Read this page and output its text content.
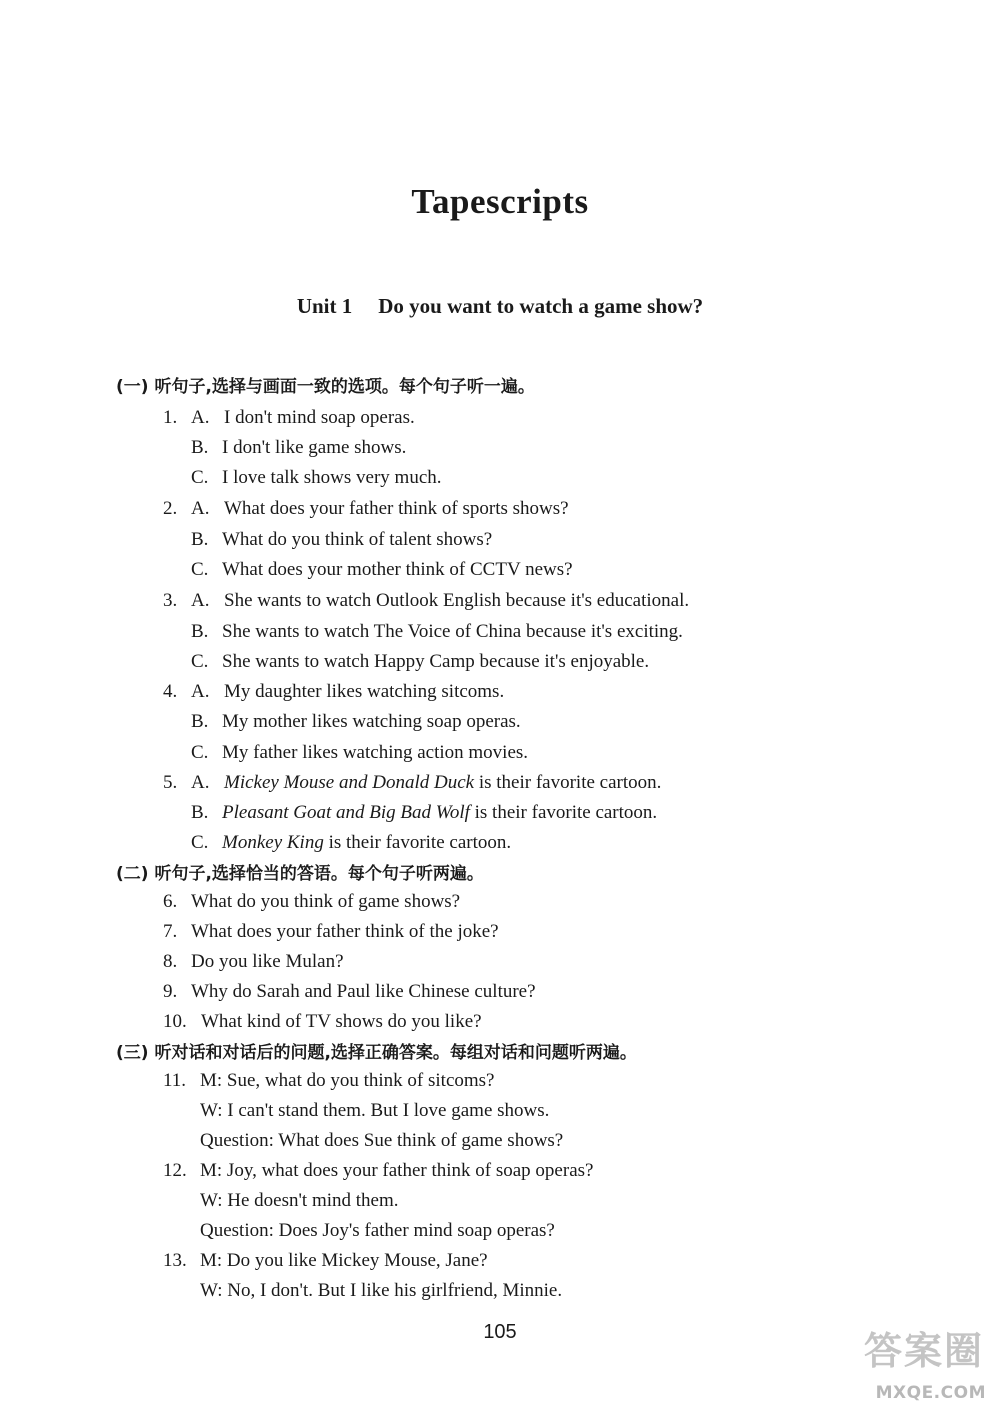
Tapescripts
Unit 1 Do you want to watch a game show?
(一) 听句子,选择与画面一致的选项。每个句子听一遍。
1. A. I don't mind soap operas.
B. I don't like game shows.
C. I love talk shows very much.
2. A. What does your father think of sports shows?
B. What do you think of talent shows?
C. What does your mother think of CCTV news?
3. A. She wants to watch Outlook English because it's educational.
B. She wants to watch The Voice of China because it's exciting.
C. She wants to watch Happy Camp because it's enjoyable.
4. A. My daughter likes watching sitcoms.
B. My mother likes watching soap operas.
C. My father likes watching action movies.
5. A. Mickey Mouse and Donald Duck is their favorite cartoon.
B. Pleasant Goat and Big Bad Wolf is their favorite cartoon.
C. Monkey King is their favorite cartoon.
(二) 听句子,选择恰当的答语。每个句子听两遍。
6. What do you think of game shows?
7. What does your father think of the joke?
8. Do you like Mulan?
9. Why do Sarah and Paul like Chinese culture?
10. What kind of TV shows do you like?
(三) 听对话和对话后的问题,选择正确答案。每组对话和问题听两遍。
11. M: Sue, what do you think of sitcoms?
W: I can't stand them. But I love game shows.
Question: What does Sue think of game shows?
12. M: Joy, what does your father think of soap operas?
W: He doesn't mind them.
Question: Does Joy's father mind soap operas?
13. M: Do you like Mickey Mouse, Jane?
W: No, I don't. But I like his girlfriend, Minnie.
105	答案圈
MXQE.COM
